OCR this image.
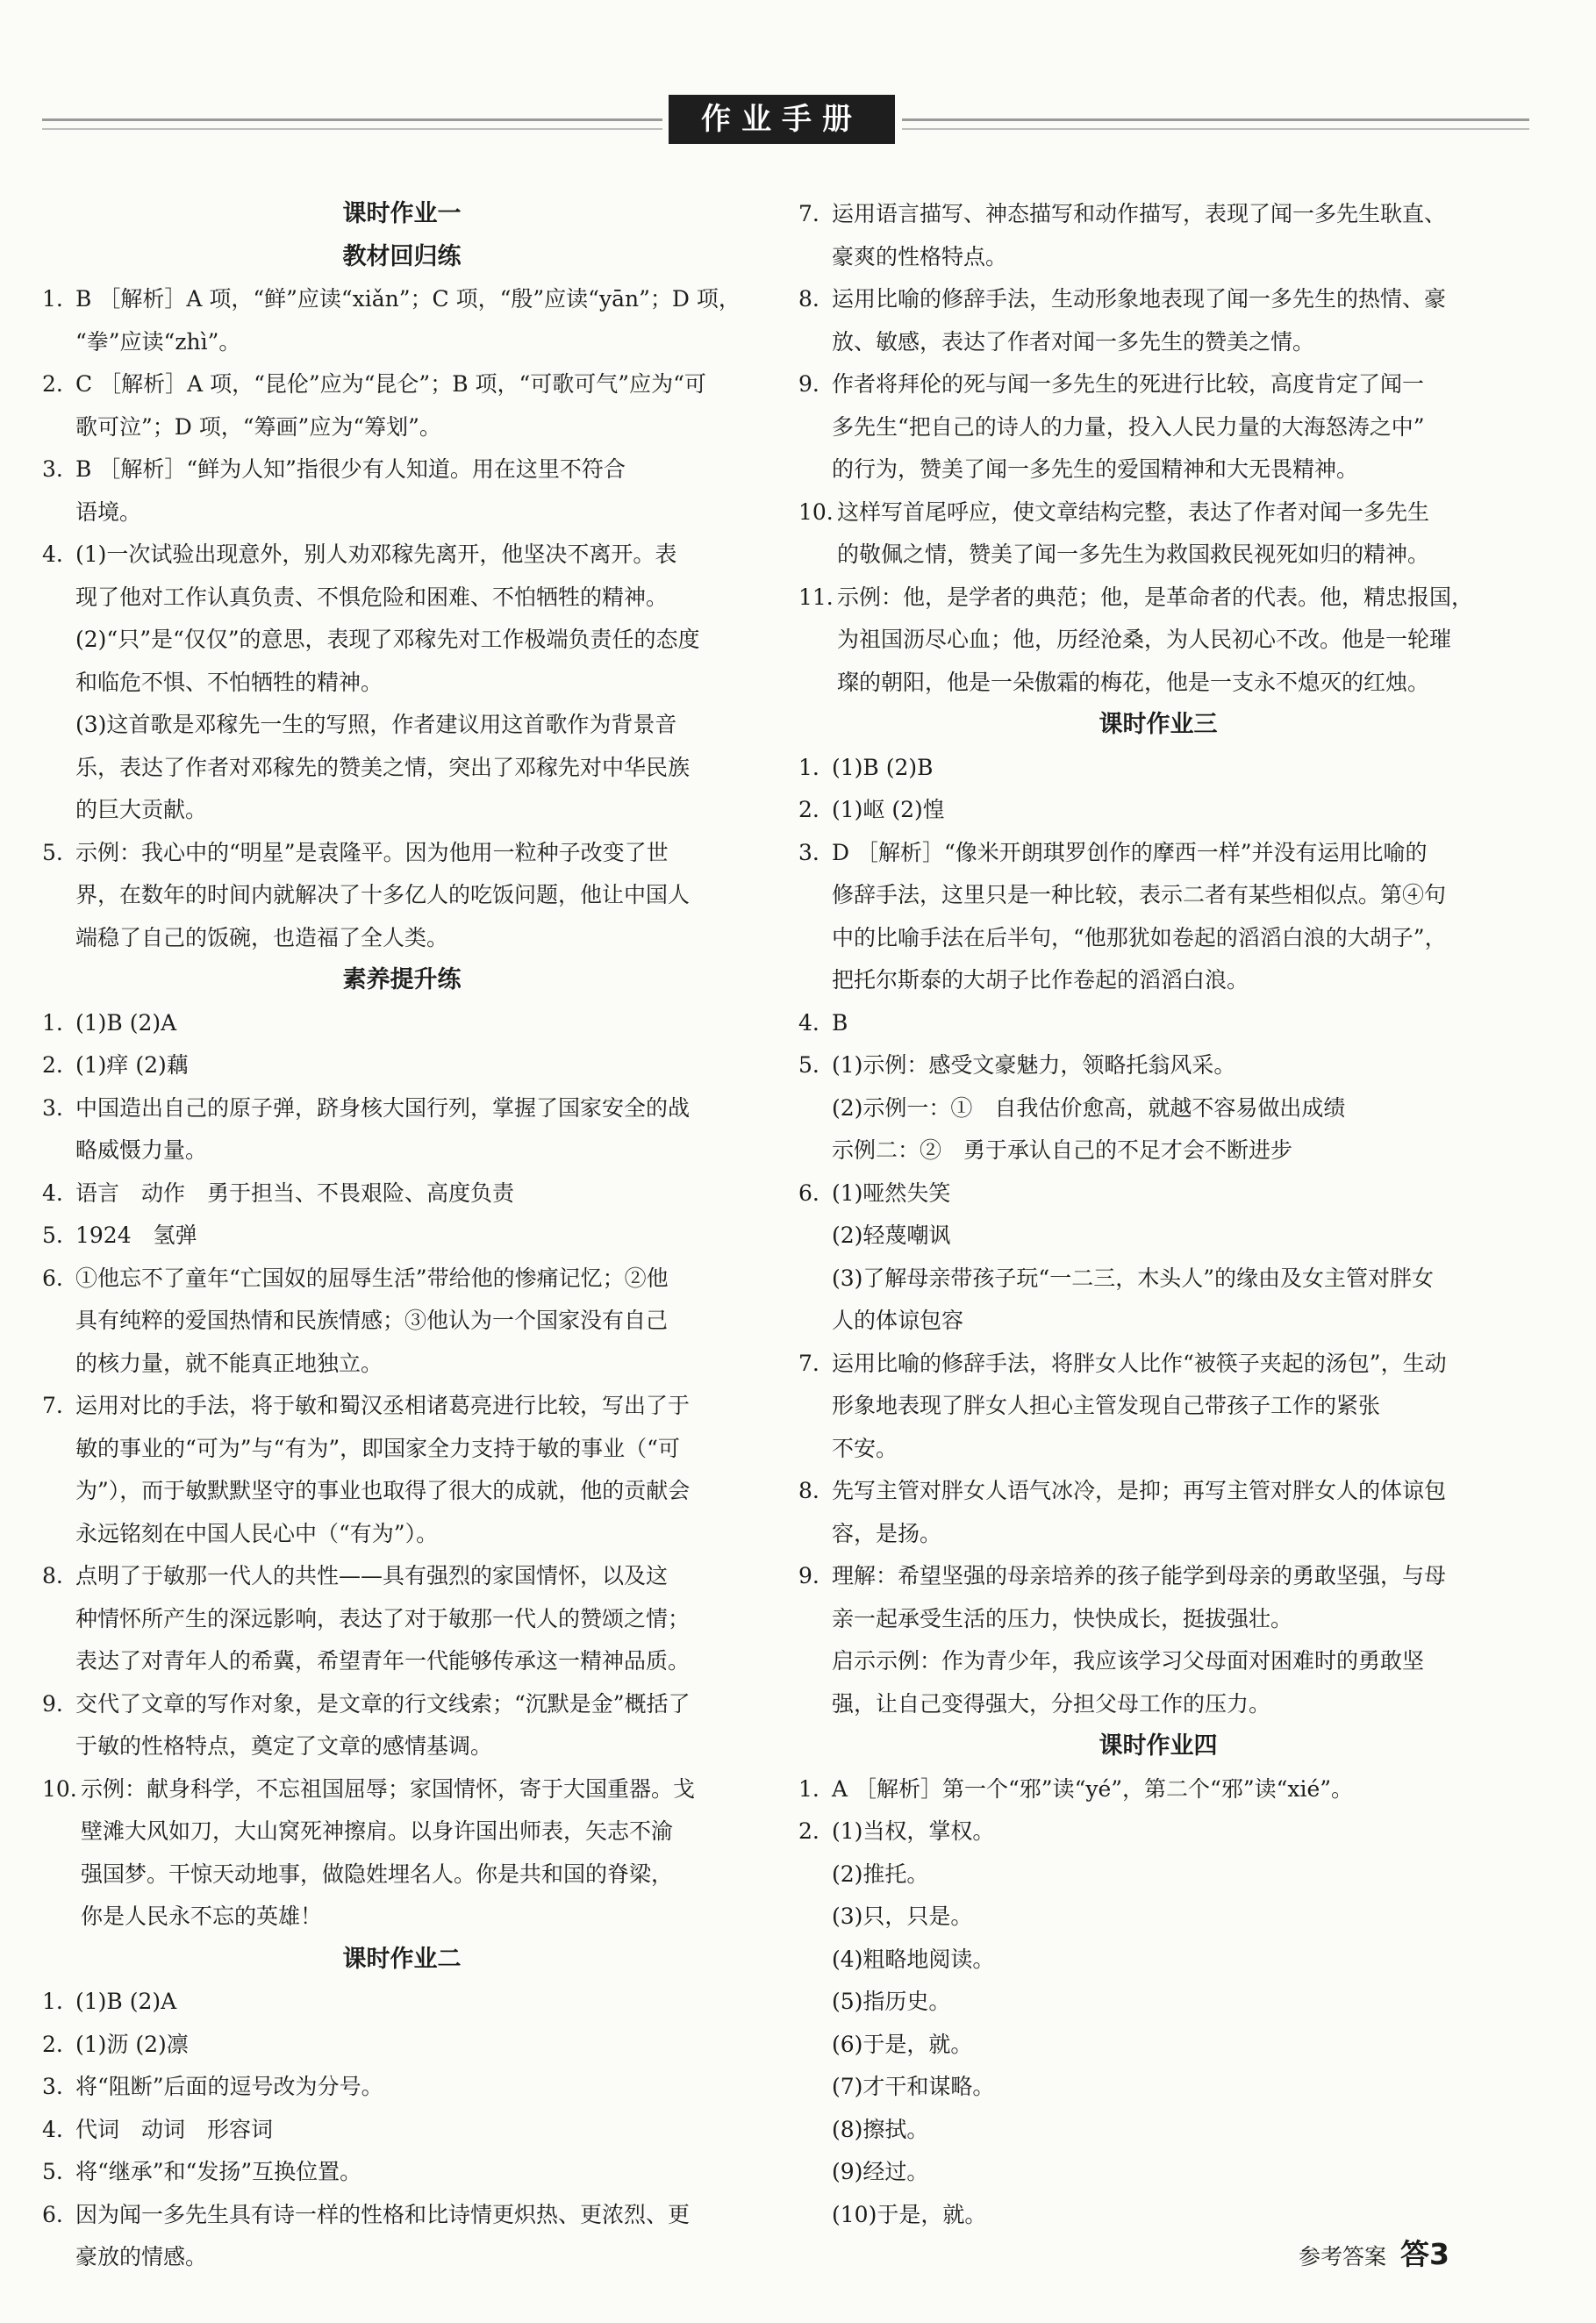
作业手册
课时作业一
教材回归练
1. B ［解析］A 项，“鲜”应读“xiǎn”；C 项，“殷”应读“yān”；D 项，
“拳”应读“zhì”。
2. C ［解析］A 项，“昆伦”应为“昆仑”；B 项，“可歌可气”应为“可
歌可泣”；D 项，“筹画”应为“筹划”。
3. B ［解析］“鲜为人知”指很少有人知道。用在这里不符合
语境。
4. (1)一次试验出现意外，别人劝邓稼先离开，他坚决不离开。表
现了他对工作认真负责、不惧危险和困难、不怕牺牲的精神。
(2)“只”是“仅仅”的意思，表现了邓稼先对工作极端负责任的态度
和临危不惧、不怕牺牲的精神。
(3)这首歌是邓稼先一生的写照，作者建议用这首歌作为背景音
乐，表达了作者对邓稼先的赞美之情，突出了邓稼先对中华民族
的巨大贡献。
5. 示例：我心中的“明星”是袁隆平。因为他用一粒种子改变了世
界，在数年的时间内就解决了十多亿人的吃饭问题，他让中国人
端稳了自己的饭碗，也造福了全人类。
素养提升练
1. (1)B (2)A
2. (1)痒 (2)藕
3. 中国造出自己的原子弹，跻身核大国行列，掌握了国家安全的战
略威慑力量。
4. 语言　动作　勇于担当、不畏艰险、高度负责
5. 1924　氢弹
6. ①他忘不了童年“亡国奴的屈辱生活”带给他的惨痛记忆；②他
具有纯粹的爱国热情和民族情感；③他认为一个国家没有自己
的核力量，就不能真正地独立。
7. 运用对比的手法，将于敏和蜀汉丞相诸葛亮进行比较，写出了于
敏的事业的“可为”与“有为”，即国家全力支持于敏的事业（“可
为”），而于敏默默坚守的事业也取得了很大的成就，他的贡献会
永远铭刻在中国人民心中（“有为”）。
8. 点明了于敏那一代人的共性——具有强烈的家国情怀，以及这
种情怀所产生的深远影响，表达了对于敏那一代人的赞颂之情；
表达了对青年人的希冀，希望青年一代能够传承这一精神品质。
9. 交代了文章的写作对象，是文章的行文线索；“沉默是金”概括了
于敏的性格特点，奠定了文章的感情基调。
10. 示例：献身科学，不忘祖国屈辱；家国情怀，寄于大国重器。戈
壁滩大风如刀，大山窝死神擦肩。以身许国出师表，矢志不渝
强国梦。干惊天动地事，做隐姓埋名人。你是共和国的脊梁，
你是人民永不忘的英雄！
课时作业二
1. (1)B (2)A
2. (1)沥 (2)凛
3. 将“阻断”后面的逗号改为分号。
4. 代词　动词　形容词
5. 将“继承”和“发扬”互换位置。
6. 因为闻一多先生具有诗一样的性格和比诗情更炽热、更浓烈、更
豪放的情感。
7. 运用语言描写、神态描写和动作描写，表现了闻一多先生耿直、
豪爽的性格特点。
8. 运用比喻的修辞手法，生动形象地表现了闻一多先生的热情、豪
放、敏感，表达了作者对闻一多先生的赞美之情。
9. 作者将拜伦的死与闻一多先生的死进行比较，高度肯定了闻一
多先生“把自己的诗人的力量，投入人民力量的大海怒涛之中”
的行为，赞美了闻一多先生的爱国精神和大无畏精神。
10. 这样写首尾呼应，使文章结构完整，表达了作者对闻一多先生
的敬佩之情，赞美了闻一多先生为救国救民视死如归的精神。
11. 示例：他，是学者的典范；他，是革命者的代表。他，精忠报国，
为祖国沥尽心血；他，历经沧桑，为人民初心不改。他是一轮璀
璨的朝阳，他是一朵傲霜的梅花，他是一支永不熄灭的红烛。
课时作业三
1. (1)B (2)B
2. (1)岖 (2)惶
3. D ［解析］“像米开朗琪罗创作的摩西一样”并没有运用比喻的
修辞手法，这里只是一种比较，表示二者有某些相似点。第④句
中的比喻手法在后半句，“他那犹如卷起的滔滔白浪的大胡子”，
把托尔斯泰的大胡子比作卷起的滔滔白浪。
4. B
5. (1)示例：感受文豪魅力，领略托翁风采。
(2)示例一：①　自我估价愈高，就越不容易做出成绩
示例二：②　勇于承认自己的不足才会不断进步
6. (1)哑然失笑
(2)轻蔑嘲讽
(3)了解母亲带孩子玩“一二三，木头人”的缘由及女主管对胖女
人的体谅包容
7. 运用比喻的修辞手法，将胖女人比作“被筷子夹起的汤包”，生动
形象地表现了胖女人担心主管发现自己带孩子工作的紧张
不安。
8. 先写主管对胖女人语气冰冷，是抑；再写主管对胖女人的体谅包
容，是扬。
9. 理解：希望坚强的母亲培养的孩子能学到母亲的勇敢坚强，与母
亲一起承受生活的压力，快快成长，挺拔强壮。
启示示例：作为青少年，我应该学习父母面对困难时的勇敢坚
强，让自己变得强大，分担父母工作的压力。
课时作业四
1. A ［解析］第一个“邪”读“yé”，第二个“邪”读“xié”。
2. (1)当权，掌权。
(2)推托。
(3)只，只是。
(4)粗略地阅读。
(5)指历史。
(6)于是，就。
(7)才干和谋略。
(8)擦拭。
(9)经过。
(10)于是，就。
参考答案 答3
